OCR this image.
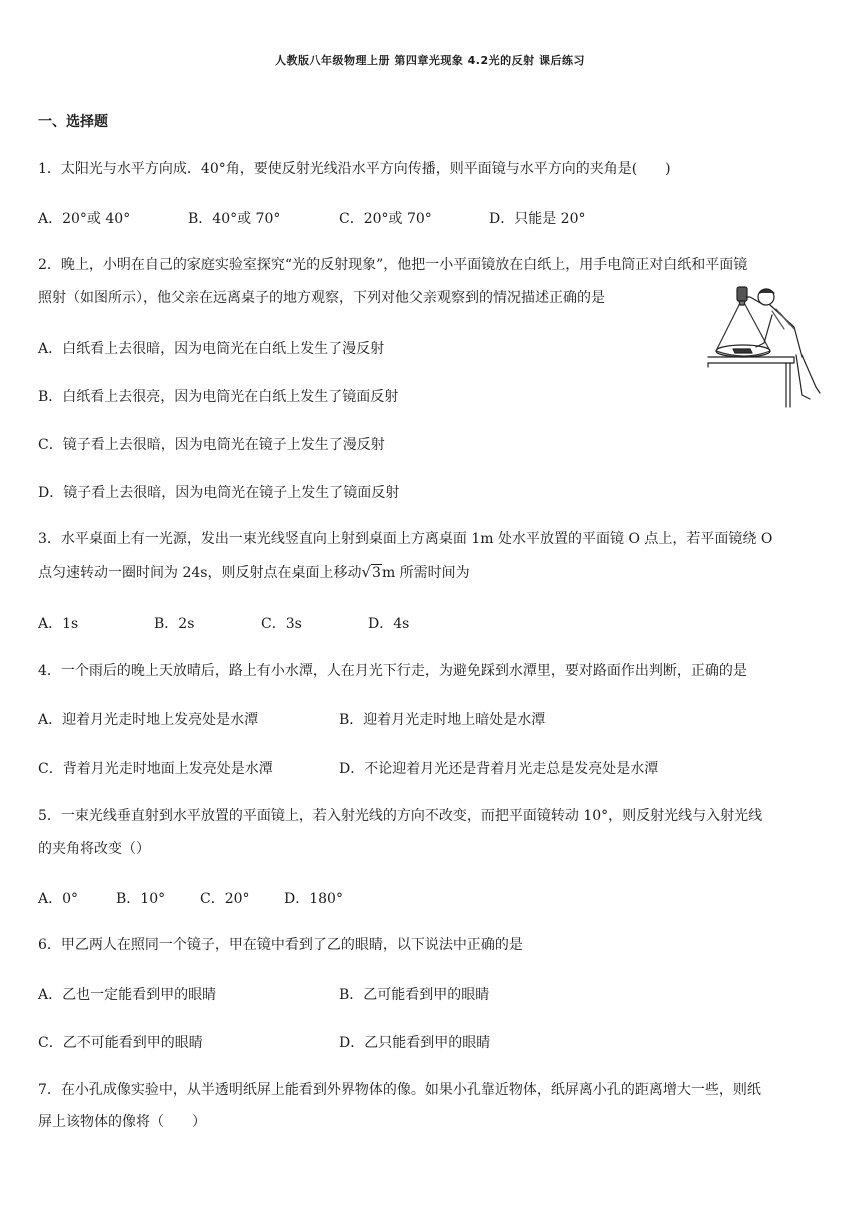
人教版八年级物理上册 第四章光现象 4.2光的反射 课后练习
一、选择题
1．太阳光与水平方向成．40°角，要使反射光线沿水平方向传播，则平面镜与水平方向的夹角是(　　)
A．20°或 40°	B．40°或 70°	C．20°或 70°	D．只能是 20°
2．晚上，小明在自己的家庭实验室探究“光的反射现象”，他把一小平面镜放在白纸上，用手电筒正对白纸和平面镜
照射（如图所示），他父亲在远离桌子的地方观察，下列对他父亲观察到的情况描述正确的是
A．白纸看上去很暗，因为电筒光在白纸上发生了漫反射
B．白纸看上去很亮，因为电筒光在白纸上发生了镜面反射
C．镜子看上去很暗，因为电筒光在镜子上发生了漫反射
D．镜子看上去很暗，因为电筒光在镜子上发生了镜面反射
3．水平桌面上有一光源，发出一束光线竖直向上射到桌面上方离桌面 1m 处水平放置的平面镜 O 点上，若平面镜绕 O
点匀速转动一圈时间为 24s，则反射点在桌面上移动√3m 所需时间为
A．1s	B．2s	C．3s	D．4s
4．一个雨后的晚上天放晴后，路上有小水潭，人在月光下行走，为避免踩到水潭里，要对路面作出判断，正确的是
A．迎着月光走时地上发亮处是水潭	B．迎着月光走时地上暗处是水潭
C．背着月光走时地面上发亮处是水潭	D．不论迎着月光还是背着月光走总是发亮处是水潭
5．一束光线垂直射到水平放置的平面镜上，若入射光线的方向不改变，而把平面镜转动 10°，则反射光线与入射光线
的夹角将改变（）
A．0°	B．10° C．20° D．180°
6．甲乙两人在照同一个镜子，甲在镜中看到了乙的眼睛，以下说法中正确的是
A．乙也一定能看到甲的眼睛	B．乙可能看到甲的眼睛
C．乙不可能看到甲的眼睛	D．乙只能看到甲的眼睛
7．在小孔成像实验中，从半透明纸屏上能看到外界物体的像。如果小孔靠近物体，纸屏离小孔的距离增大一些，则纸
屏上该物体的像将（　　）
